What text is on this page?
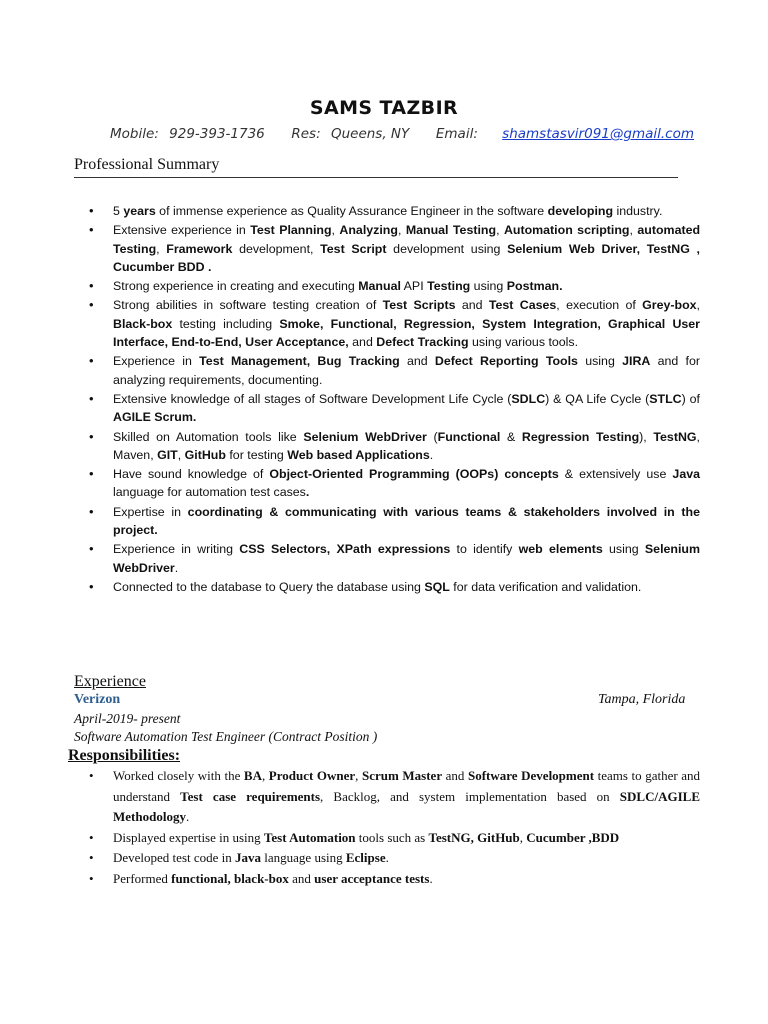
SAMS TAZBIR
Mobile: 929-393-1736 Res: Queens, NY Email: shamstasvir091@gmail.com
Professional Summary
• 5 years of immense experience as Quality Assurance Engineer in the software developing industry.
• Extensive experience in Test Planning, Analyzing, Manual Testing, Automation scripting, automated Testing, Framework development, Test Script development using Selenium Web Driver, TestNG , Cucumber BDD .
• Strong experience in creating and executing Manual API Testing using Postman.
• Strong abilities in software testing creation of Test Scripts and Test Cases, execution of Grey-box, Black-box testing including Smoke, Functional, Regression, System Integration, Graphical User Interface, End-to-End, User Acceptance, and Defect Tracking using various tools.
• Experience in Test Management, Bug Tracking and Defect Reporting Tools using JIRA and for analyzing requirements, documenting.
• Extensive knowledge of all stages of Software Development Life Cycle (SDLC) & QA Life Cycle (STLC) of AGILE Scrum.
• Skilled on Automation tools like Selenium WebDriver (Functional & Regression Testing), TestNG, Maven, GIT, GitHub for testing Web based Applications.
• Have sound knowledge of Object-Oriented Programming (OOPs) concepts & extensively use Java language for automation test cases.
• Expertise in coordinating & communicating with various teams & stakeholders involved in the project.
• Experience in writing CSS Selectors, XPath expressions to identify web elements using Selenium WebDriver.
• Connected to the database to Query the database using SQL for data verification and validation.
Experience
Verizon	Tampa, Florida
April-2019- present
Software Automation Test Engineer (Contract Position )
Responsibilities:
• Worked closely with the BA, Product Owner, Scrum Master and Software Development teams to gather and understand Test case requirements, Backlog, and system implementation based on SDLC/AGILE Methodology.
• Displayed expertise in using Test Automation tools such as TestNG, GitHub, Cucumber ,BDD
• Developed test code in Java language using Eclipse.
• Performed functional, black-box and user acceptance tests.
